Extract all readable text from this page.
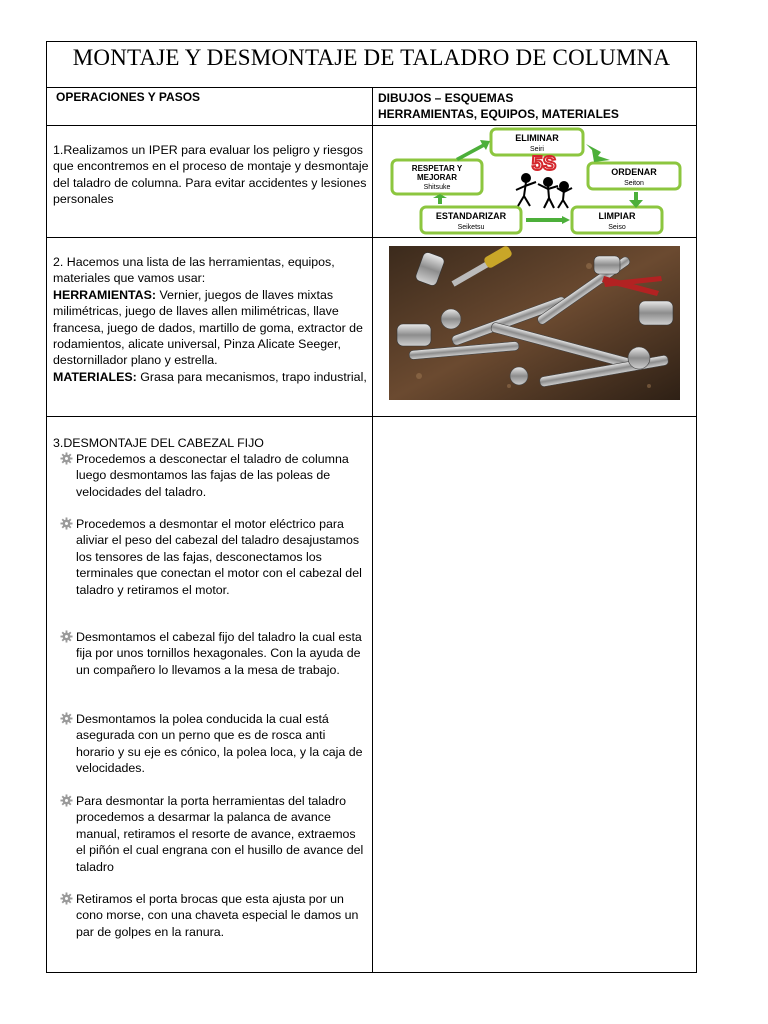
MONTAJE Y DESMONTAJE DE TALADRO DE COLUMNA
OPERACIONES Y PASOS	DIBUJOS – ESQUEMAS
HERRAMIENTAS, EQUIPOS, MATERIALES
1.Realizamos un IPER para evaluar los peligro y riesgos que encontremos en el proceso de montaje y desmontaje del taladro de columna. Para evitar accidentes y lesiones personales
ELIMINAR
Seiri
ORDENAR
Seiton
LIMPIAR
Seiso
ESTANDARIZAR
Seiketsu
RESPETAR Y
MEJORAR
Shitsuke
5S
2. Hacemos una lista de las herramientas, equipos, materiales que vamos usar:
HERRAMIENTAS: Vernier, juegos de llaves mixtas milimétricas, juego de llaves allen milimétricas, llave francesa, juego de dados, martillo de goma, extractor de rodamientos, alicate universal, Pinza Alicate Seeger, destornillador plano y estrella.
MATERIALES: Grasa para mecanismos, trapo industrial,
3.DESMONTAJE DEL CABEZAL FIJO
Procedemos a desconectar el taladro de columna luego desmontamos las fajas de las poleas de velocidades del taladro.
Procedemos a desmontar el motor eléctrico para aliviar el peso del cabezal del taladro desajustamos los tensores de las fajas, desconectamos los terminales que conectan el motor con el cabezal del taladro y retiramos el motor.
Desmontamos el cabezal fijo del taladro la cual esta fija por unos tornillos hexagonales. Con la ayuda de un compañero lo llevamos a la mesa de trabajo.
Desmontamos la polea conducida la cual está asegurada con un perno que es de rosca anti horario y su eje es cónico, la polea loca, y la caja de velocidades.
Para desmontar la porta herramientas del taladro procedemos a desarmar la palanca de avance manual, retiramos el resorte de avance, extraemos el piñón el cual engrana con el husillo de avance del taladro
Retiramos el porta brocas que esta ajusta por un cono morse, con una chaveta especial le damos un par de golpes en la ranura.
